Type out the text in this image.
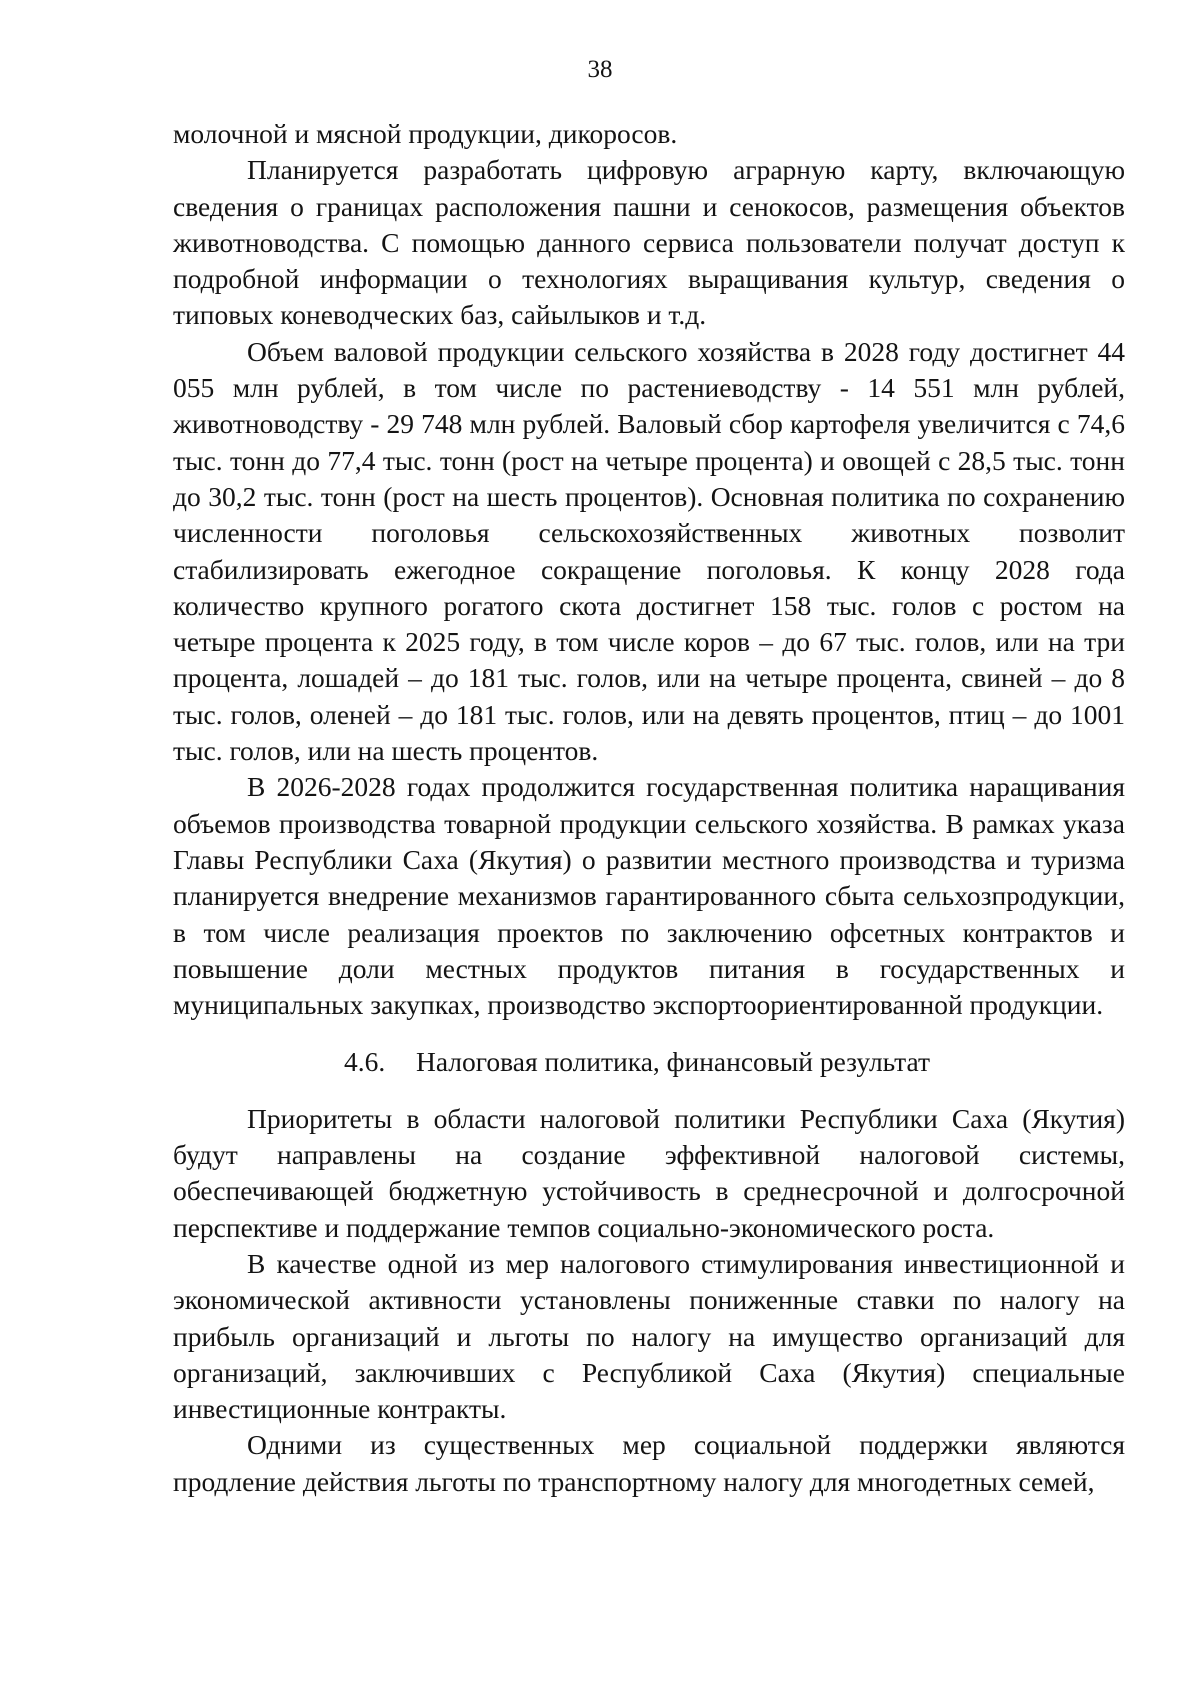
38

молочной и мясной продукции, дикоросов.

Планируется разработать цифровую аграрную карту, включающую сведения о границах расположения пашни и сенокосов, размещения объектов животноводства. С помощью данного сервиса пользователи получат доступ к подробной информации о технологиях выращивания культур, сведения о типовых коневодческих баз, сайылыков и т.д.

Объем валовой продукции сельского хозяйства в 2028 году достигнет 44 055 млн рублей, в том числе по растениеводству - 14 551 млн рублей, животноводству - 29 748 млн рублей. Валовый сбор картофеля увеличится с 74,6 тыс. тонн до 77,4 тыс. тонн (рост на четыре процента) и овощей с 28,5 тыс. тонн до 30,2 тыс. тонн (рост на шесть процентов). Основная политика по сохранению численности поголовья сельскохозяйственных животных позволит стабилизировать ежегодное сокращение поголовья. К концу 2028 года количество крупного рогатого скота достигнет 158 тыс. голов с ростом на четыре процента к 2025 году, в том числе коров – до 67 тыс. голов, или на три процента, лошадей – до 181 тыс. голов, или на четыре процента, свиней – до 8 тыс. голов, оленей – до 181 тыс. голов, или на девять процентов, птиц – до 1001 тыс. голов, или на шесть процентов.

В 2026-2028 годах продолжится государственная политика наращивания объемов производства товарной продукции сельского хозяйства. В рамках указа Главы Республики Саха (Якутия) о развитии местного производства и туризма планируется внедрение механизмов гарантированного сбыта сельхозпродукции, в том числе реализация проектов по заключению офсетных контрактов и повышение доли местных продуктов питания в государственных и муниципальных закупках, производство экспортоориентированной продукции.

4.6. Налоговая политика, финансовый результат

Приоритеты в области налоговой политики Республики Саха (Якутия) будут направлены на создание эффективной налоговой системы, обеспечивающей бюджетную устойчивость в среднесрочной и долгосрочной перспективе и поддержание темпов социально-экономического роста.

В качестве одной из мер налогового стимулирования инвестиционной и экономической активности установлены пониженные ставки по налогу на прибыль организаций и льготы по налогу на имущество организаций для организаций, заключивших с Республикой Саха (Якутия) специальные инвестиционные контракты.

Одними из существенных мер социальной поддержки являются продление действия льготы по транспортному налогу для многодетных семей,
